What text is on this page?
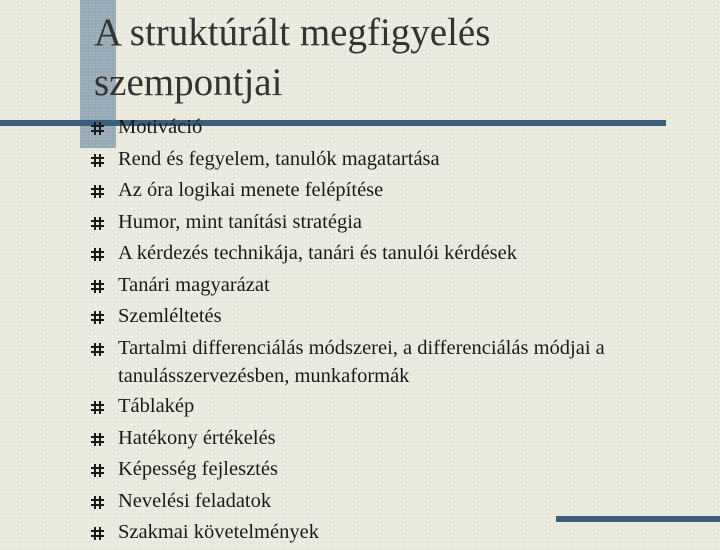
A struktúrált megfigyelés
szempontjai
Motiváció
Rend és fegyelem, tanulók magatartása
Az óra logikai menete felépítése
Humor, mint tanítási stratégia
A kérdezés technikája, tanári és tanulói kérdések
Tanári magyarázat
Szemléltetés
Tartalmi differenciálás módszerei, a differenciálás módjai a tanulásszervezésben, munkaformák
Táblakép
Hatékony értékelés
Képesség fejlesztés
Nevelési feladatok
Szakmai követelmények
